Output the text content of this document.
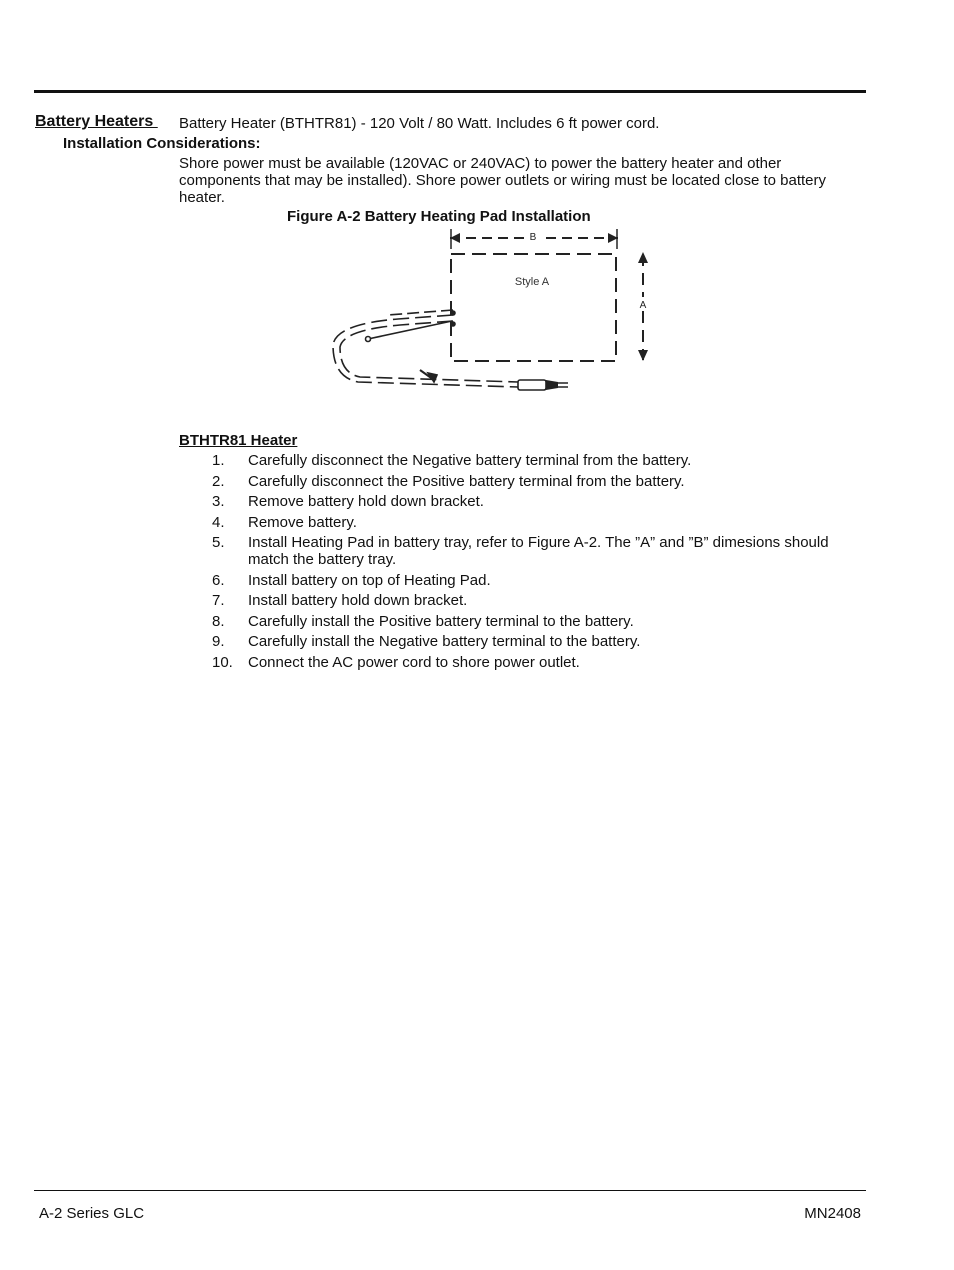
Battery Heaters Battery Heater (BTHTR81) - 120 Volt / 80 Watt. Includes 6 ft power cord.
Installation Considerations:
Shore power must be available (120VAC or 240VAC) to power the battery heater and other components that may be installed). Shore power outlets or wiring must be located close to battery heater.
Figure A-2 Battery Heating Pad Installation
B
Style A
A
BTHTR81 Heater
1.	Carefully disconnect the Negative battery terminal from the battery.
2.	Carefully disconnect the Positive battery terminal from the battery.
3.	Remove battery hold down bracket.
4.	Remove battery.
5.	Install Heating Pad in battery tray, refer to Figure A-2. The ”A” and ”B” dimesions should match the battery tray.
6.	Install battery on top of Heating Pad.
7.	Install battery hold down bracket.
8.	Carefully install the Positive battery terminal to the battery.
9.	Carefully install the Negative battery terminal to the battery.
10.	Connect the AC power cord to shore power outlet.
A-2 Series GLC	MN2408
